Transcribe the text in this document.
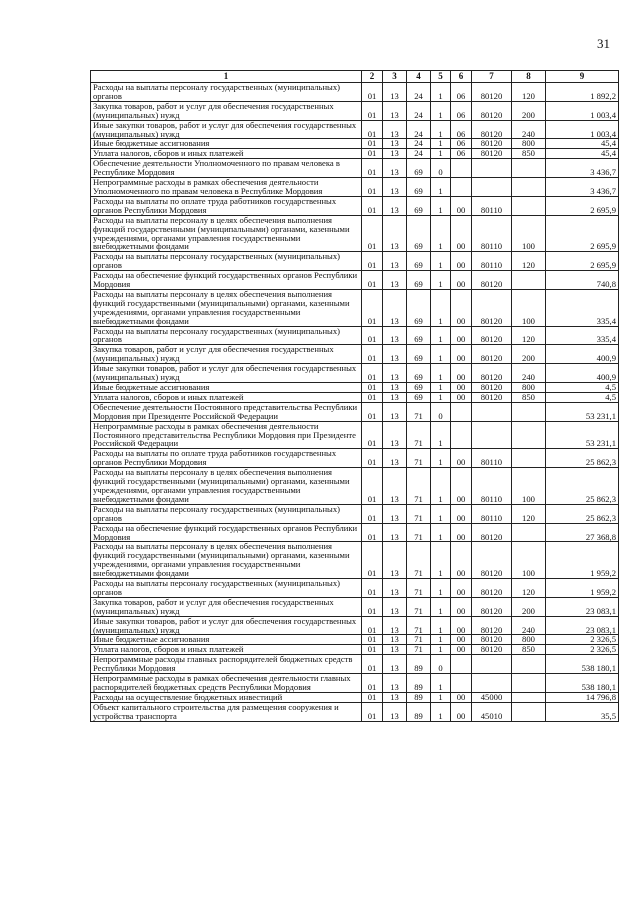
31
1	2	3	4	5	6	7	8	9
Расходы на выплаты персоналу государственных (муниципальных) органов	01	13	24	1	06	80120	120	1 892,2
Закупка товаров, работ и услуг для обеспечения государственных (муниципальных) нужд	01	13	24	1	06	80120	200	1 003,4
Иные закупки товаров, работ и услуг для обеспечения государственных (муниципальных) нужд	01	13	24	1	06	80120	240	1 003,4
Иные бюджетные ассигнования	01	13	24	1	06	80120	800	45,4
Уплата налогов, сборов и иных платежей	01	13	24	1	06	80120	850	45,4
Обеспечение деятельности Уполномоченного по правам человека в Республике Мордовия	01	13	69	0				3 436,7
Непрограммные расходы в рамках обеспечения деятельности Уполномоченного по правам человека в Республике Мордовия	01	13	69	1				3 436,7
Расходы на выплаты по оплате труда работников государственных органов Республики Мордовия	01	13	69	1	00	80110		2 695,9
Расходы на выплаты персоналу в целях обеспечения выполнения функций государственными (муниципальными) органами, казенными учреждениями, органами управления государственными внебюджетными фондами	01	13	69	1	00	80110	100	2 695,9
Расходы на выплаты персоналу государственных (муниципальных) органов	01	13	69	1	00	80110	120	2 695,9
Расходы на обеспечение функций государственных органов Республики Мордовия	01	13	69	1	00	80120		740,8
Расходы на выплаты персоналу в целях обеспечения выполнения функций государственными (муниципальными) органами, казенными учреждениями, органами управления государственными внебюджетными фондами	01	13	69	1	00	80120	100	335,4
Расходы на выплаты персоналу государственных (муниципальных) органов	01	13	69	1	00	80120	120	335,4
Закупка товаров, работ и услуг для обеспечения государственных (муниципальных) нужд	01	13	69	1	00	80120	200	400,9
Иные закупки товаров, работ и услуг для обеспечения государственных (муниципальных) нужд	01	13	69	1	00	80120	240	400,9
Иные бюджетные ассигнования	01	13	69	1	00	80120	800	4,5
Уплата налогов, сборов и иных платежей	01	13	69	1	00	80120	850	4,5
Обеспечение деятельности Постоянного представительства Республики Мордовия при Президенте Российской Федерации	01	13	71	0				53 231,1
Непрограммные расходы в рамках обеспечения деятельности Постоянного представительства Республики Мордовия при Президенте Российской Федерации	01	13	71	1				53 231,1
Расходы на выплаты по оплате труда работников государственных органов Республики Мордовия	01	13	71	1	00	80110		25 862,3
Расходы на выплаты персоналу в целях обеспечения выполнения функций государственными (муниципальными) органами, казенными учреждениями, органами управления государственными внебюджетными фондами	01	13	71	1	00	80110	100	25 862,3
Расходы на выплаты персоналу государственных (муниципальных) органов	01	13	71	1	00	80110	120	25 862,3
Расходы на обеспечение функций государственных органов Республики Мордовия	01	13	71	1	00	80120		27 368,8
Расходы на выплаты персоналу в целях обеспечения выполнения функций государственными (муниципальными) органами, казенными учреждениями, органами управления государственными внебюджетными фондами	01	13	71	1	00	80120	100	1 959,2
Расходы на выплаты персоналу государственных (муниципальных) органов	01	13	71	1	00	80120	120	1 959,2
Закупка товаров, работ и услуг для обеспечения государственных (муниципальных) нужд	01	13	71	1	00	80120	200	23 083,1
Иные закупки товаров, работ и услуг для обеспечения государственных (муниципальных) нужд	01	13	71	1	00	80120	240	23 083,1
Иные бюджетные ассигнования	01	13	71	1	00	80120	800	2 326,5
Уплата налогов, сборов и иных платежей	01	13	71	1	00	80120	850	2 326,5
Непрограммные расходы главных распорядителей бюджетных средств Республики Мордовия	01	13	89	0				538 180,1
Непрограммные расходы в рамках обеспечения деятельности главных распорядителей бюджетных средств Республики Мордовия	01	13	89	1				538 180,1
Расходы на осуществление бюджетных инвестиций	01	13	89	1	00	45000		14 796,8
Объект капитального строительства для размещения сооружения и устройства транспорта	01	13	89	1	00	45010		35,5
